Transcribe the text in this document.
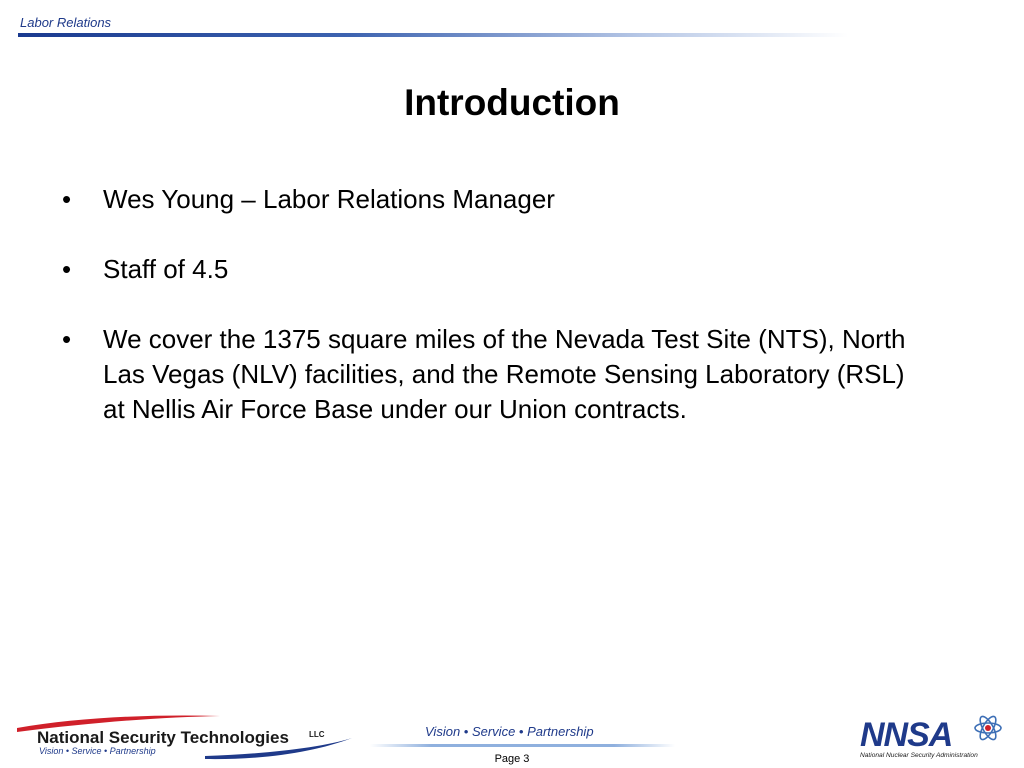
Labor Relations
Introduction
•	Wes Young – Labor Relations Manager
•	Staff of 4.5
•	We cover the 1375 square miles of the Nevada Test Site (NTS), North Las Vegas (NLV) facilities, and the Remote Sensing Laboratory (RSL) at Nellis Air Force Base under our Union contracts.
National Security Technologies	LLC
Vision • Service • Partnership
Vision • Service • Partnership
Page 3
NNSA
National Nuclear Security Administration
